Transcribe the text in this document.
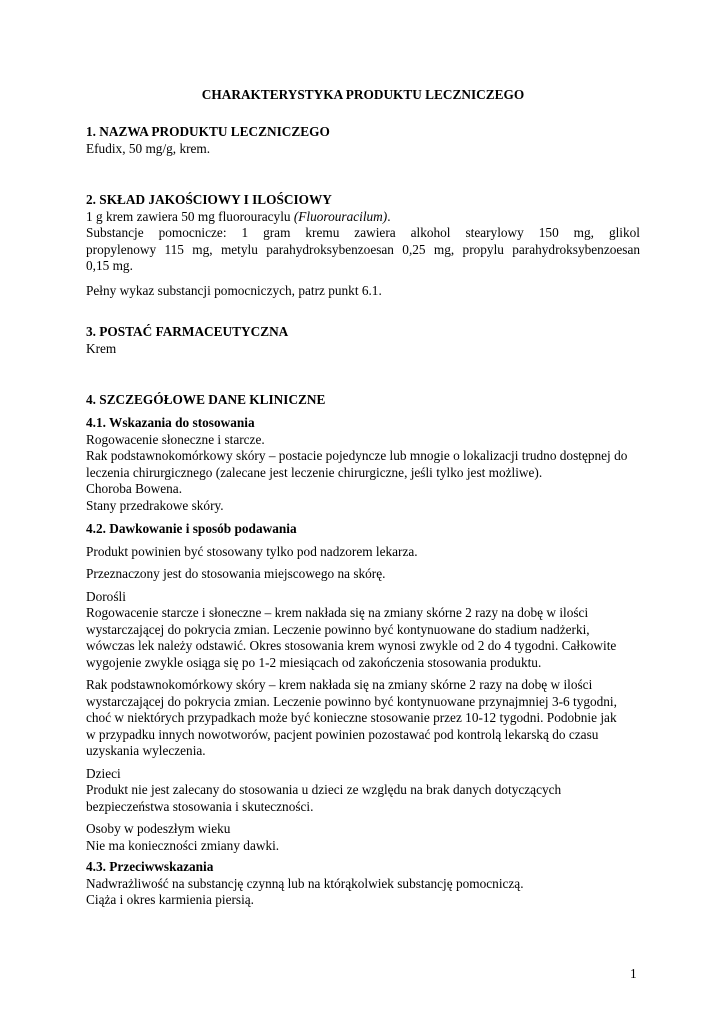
CHARAKTERYSTYKA PRODUKTU LECZNICZEGO
1. NAZWA PRODUKTU LECZNICZEGO
Efudix, 50 mg/g, krem.
2. SKŁAD JAKOŚCIOWY I ILOŚCIOWY
1 g krem zawiera 50 mg fluorouracylu (Fluorouracilum).
Substancje pomocnicze: 1 gram kremu zawiera alkohol stearylowy 150 mg, glikol
propylenowy 115 mg, metylu parahydroksybenzoesan 0,25 mg, propylu parahydroksybenzoesan
0,15 mg.
Pełny wykaz substancji pomocniczych, patrz punkt 6.1.
3. POSTAĆ FARMACEUTYCZNA
Krem
4. SZCZEGÓŁOWE DANE KLINICZNE
4.1. Wskazania do stosowania
Rogowacenie słoneczne i starcze.
Rak podstawnokomórkowy skóry – postacie pojedyncze lub mnogie o lokalizacji trudno dostępnej do
leczenia chirurgicznego (zalecane jest leczenie chirurgiczne, jeśli tylko jest możliwe).
Choroba Bowena.
Stany przedrakowe skóry.
4.2. Dawkowanie i sposób podawania
Produkt powinien być stosowany tylko pod nadzorem lekarza.
Przeznaczony jest do stosowania miejscowego na skórę.
Dorośli
Rogowacenie starcze i słoneczne – krem nakłada się na zmiany skórne 2 razy na dobę w ilości
wystarczającej do pokrycia zmian. Leczenie powinno być kontynuowane do stadium nadżerki,
wówczas lek należy odstawić. Okres stosowania krem wynosi zwykle od 2 do 4 tygodni. Całkowite
wygojenie zwykle osiąga się po 1-2 miesiącach od zakończenia stosowania produktu.
Rak podstawnokomórkowy skóry – krem nakłada się na zmiany skórne 2 razy na dobę w ilości
wystarczającej do pokrycia zmian. Leczenie powinno być kontynuowane przynajmniej 3-6 tygodni,
choć w niektórych przypadkach może być konieczne stosowanie przez 10-12 tygodni. Podobnie jak
w przypadku innych nowotworów, pacjent powinien pozostawać pod kontrolą lekarską do czasu
uzyskania wyleczenia.
Dzieci
Produkt nie jest zalecany do stosowania u dzieci ze względu na brak danych dotyczących
bezpieczeństwa stosowania i skuteczności.
Osoby w podeszłym wieku
Nie ma konieczności zmiany dawki.
4.3. Przeciwwskazania
Nadwrażliwość na substancję czynną lub na którąkolwiek substancję pomocniczą.
Ciąża i okres karmienia piersią.
1
